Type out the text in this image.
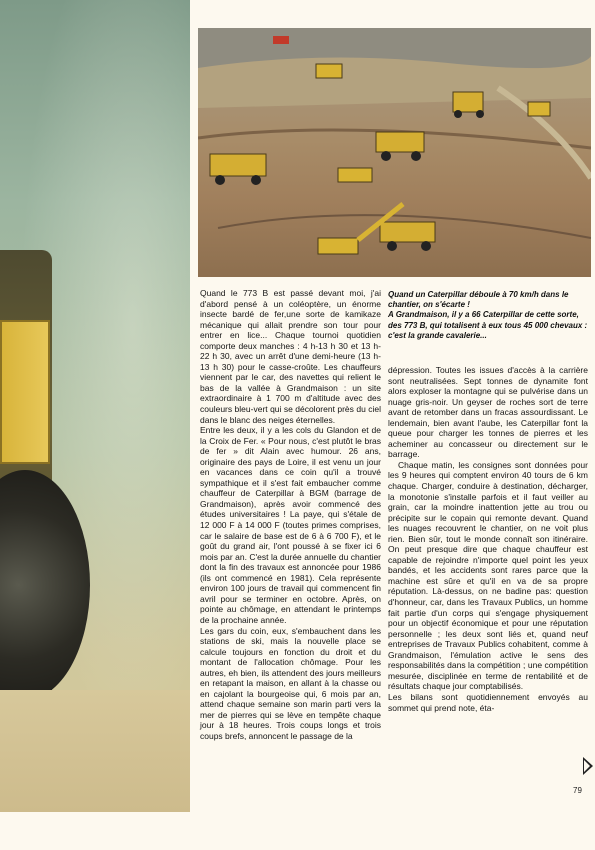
Quand un Caterpillar déboule à 70 km/h dans le chantier, on s'écarte !

A Grandmaison, il y a 66 Caterpillar de cette sorte, des 773 B, qui totalisent à eux tous 45 000 chevaux :

c'est la grande cavalerie...

Quand le 773 B est passé devant moi, j'ai d'abord pensé à un coléoptère, un énorme insecte bardé de fer,une sorte de kamikaze mécanique qui allait prendre son tour pour entrer en lice... Chaque tournoi quotidien comporte deux manches : 4 h-13 h 30 et 13 h-22 h 30, avec un arrêt d'une demi-heure (13 h-13 h 30) pour le casse-croûte. Les chauffeurs viennent par le car, des navettes qui relient le bas de la vallée à Grandmaison : un site extraordinaire à 1 700 m d'altitude avec des couleurs bleu-vert qui se décolorent près du ciel dans le blanc des neiges éternelles.

Entre les deux, il y a les cols du Glandon et de la Croix de Fer. « Pour nous, c'est plutôt le bras de fer » dit Alain avec humour. 26 ans, originaire des pays de Loire, il est venu un jour en vacances dans ce coin qu'il a trouvé sympathique et il s'est fait embaucher comme chauffeur de Caterpillar à BGM (barrage de Grandmaison), après avoir commencé des études universitaires ! La paye, qui s'étale de 12 000 F à 14 000 F (toutes primes comprises, car le salaire de base est de 6 à 6 700 F), et le goût du grand air, l'ont poussé à se fixer ici 6 mois par an. C'est la durée annuelle du chantier dont la fin des travaux est annoncée pour 1986 (ils ont commencé en 1981). Cela représente environ 100 jours de travail qui commencent fin avril pour se terminer en octobre. Après, on pointe au chômage, en attendant le printemps de la prochaine année.

Les gars du coin, eux, s'embauchent dans les stations de ski, mais la nouvelle place se calcule toujours en fonction du droit et du montant de l'allocation chômage. Pour les autres, eh bien, ils attendent des jours meilleurs en retapant la maison, en allant à la chasse ou en cajolant la bourgeoise qui, 6 mois par an, attend chaque semaine son marin parti vers la mer de pierres qui se lève en tempête chaque jour à 18 heures. Trois coups longs et trois coups brefs, annoncent le passage de la

dépression. Toutes les issues d'accès à la carrière sont neutralisées. Sept tonnes de dynamite font alors exploser la montagne qui se pulvérise dans un nuage gris-noir. Un geyser de roches sort de terre avant de retomber dans un fracas assourdissant. Le lendemain, bien avant l'aube, les Caterpillar font la queue pour charger les tonnes de pierres et les acheminer au concasseur ou directement sur le barrage.

Chaque matin, les consignes sont données pour les 9 heures qui comptent environ 40 tours de 6 km chaque. Charger, conduire à destination, décharger, la monotonie s'installe parfois et il faut veiller au grain, car la moindre inattention jette au trou ou précipite sur le copain qui remonte devant. Quand les nuages recouvrent le chantier, on ne voit plus rien. Bien sûr, tout le monde connaît son itinéraire. On peut presque dire que chaque chauffeur est capable de rejoindre n'importe quel point les yeux bandés, et les accidents sont rares parce que la machine est sûre et qu'il en va de sa propre réputation. Là-dessus, on ne badine pas: question d'honneur, car, dans les Travaux Publics, un homme fait partie d'un corps qui s'engage physiquement pour un objectif économique et pour une réputation personnelle ; les deux sont liés et, quand neuf entreprises de Travaux Publics cohabitent, comme à Grandmaison, l'émulation active le sens des responsabilités dans la compétition ; une compétition mesurée, disciplinée en terme de rentabilité et de résultats chaque jour comptabilisés.

Les bilans sont quotidiennement envoyés au sommet qui prend note, éta-

79
